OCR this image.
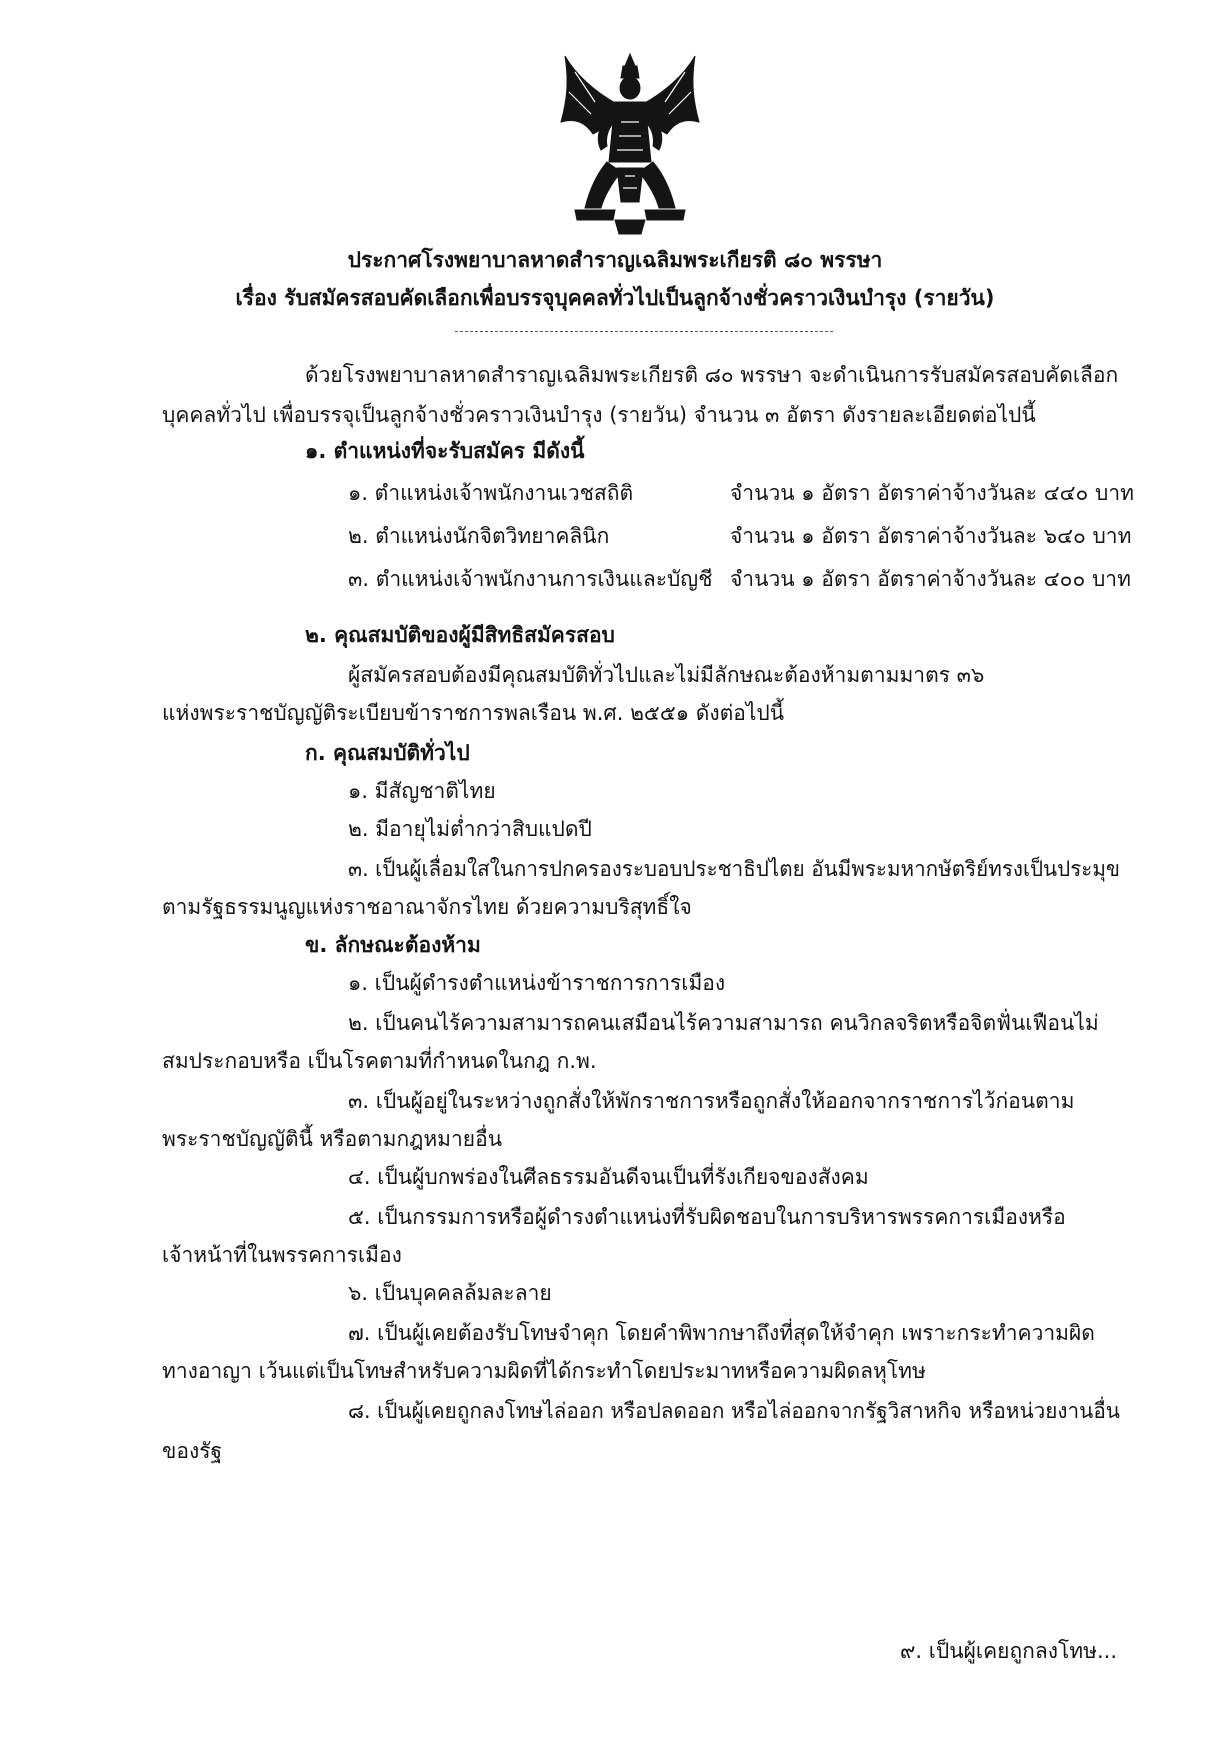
ประกาศโรงพยาบาลหาดสำราญเฉลิมพระเกียรติ ๘๐ พรรษา
เรื่อง รับสมัครสอบคัดเลือกเพื่อบรรจุบุคคลทั่วไปเป็นลูกจ้างชั่วคราวเงินบำรุง (รายวัน)
ด้วยโรงพยาบาลหาดสำราญเฉลิมพระเกียรติ ๘๐ พรรษา จะดำเนินการรับสมัครสอบคัดเลือก
บุคคลทั่วไป เพื่อบรรจุเป็นลูกจ้างชั่วคราวเงินบำรุง (รายวัน) จำนวน ๓ อัตรา ดังรายละเอียดต่อไปนี้
๑. ตำแหน่งที่จะรับสมัคร มีดังนี้
๑. ตำแหน่งเจ้าพนักงานเวชสถิติ	จำนวน ๑ อัตรา อัตราค่าจ้างวันละ ๔๔๐ บาท
๒. ตำแหน่งนักจิตวิทยาคลินิก	จำนวน ๑ อัตรา อัตราค่าจ้างวันละ ๖๔๐ บาท
๓. ตำแหน่งเจ้าพนักงานการเงินและบัญชี จำนวน ๑ อัตรา อัตราค่าจ้างวันละ ๔๐๐ บาท
๒. คุณสมบัติของผู้มีสิทธิสมัครสอบ
ผู้สมัครสอบต้องมีคุณสมบัติทั่วไปและไม่มีลักษณะต้องห้ามตามมาตร ๓๖
แห่งพระราชบัญญัติระเบียบข้าราชการพลเรือน พ.ศ. ๒๕๕๑ ดังต่อไปนี้
ก. คุณสมบัติทั่วไป
๑. มีสัญชาติไทย
๒. มีอายุไม่ต่ำกว่าสิบแปดปี
๓. เป็นผู้เลื่อมใสในการปกครองระบอบประชาธิปไตย อันมีพระมหากษัตริย์ทรงเป็นประมุข
ตามรัฐธรรมนูญแห่งราชอาณาจักรไทย ด้วยความบริสุทธิ์ใจ
ข. ลักษณะต้องห้าม
๑. เป็นผู้ดำรงตำแหน่งข้าราชการการเมือง
๒. เป็นคนไร้ความสามารถคนเสมือนไร้ความสามารถ คนวิกลจริตหรือจิตฟั่นเฟือนไม่
สมประกอบหรือ เป็นโรคตามที่กำหนดในกฎ ก.พ.
๓. เป็นผู้อยู่ในระหว่างถูกสั่งให้พักราชการหรือถูกสั่งให้ออกจากราชการไว้ก่อนตาม
พระราชบัญญัตินี้ หรือตามกฎหมายอื่น
๔. เป็นผู้บกพร่องในศีลธรรมอันดีจนเป็นที่รังเกียจของสังคม
๕. เป็นกรรมการหรือผู้ดำรงตำแหน่งที่รับผิดชอบในการบริหารพรรคการเมืองหรือ
เจ้าหน้าที่ในพรรคการเมือง
๖. เป็นบุคคลล้มละลาย
๗. เป็นผู้เคยต้องรับโทษจำคุก โดยคำพิพากษาถึงที่สุดให้จำคุก เพราะกระทำความผิด
ทางอาญา เว้นแต่เป็นโทษสำหรับความผิดที่ได้กระทำโดยประมาทหรือความผิดลหุโทษ
๘. เป็นผู้เคยถูกลงโทษไล่ออก หรือปลดออก หรือไล่ออกจากรัฐวิสาหกิจ หรือหน่วยงานอื่น
ของรัฐ
๙. เป็นผู้เคยถูกลงโทษ...
